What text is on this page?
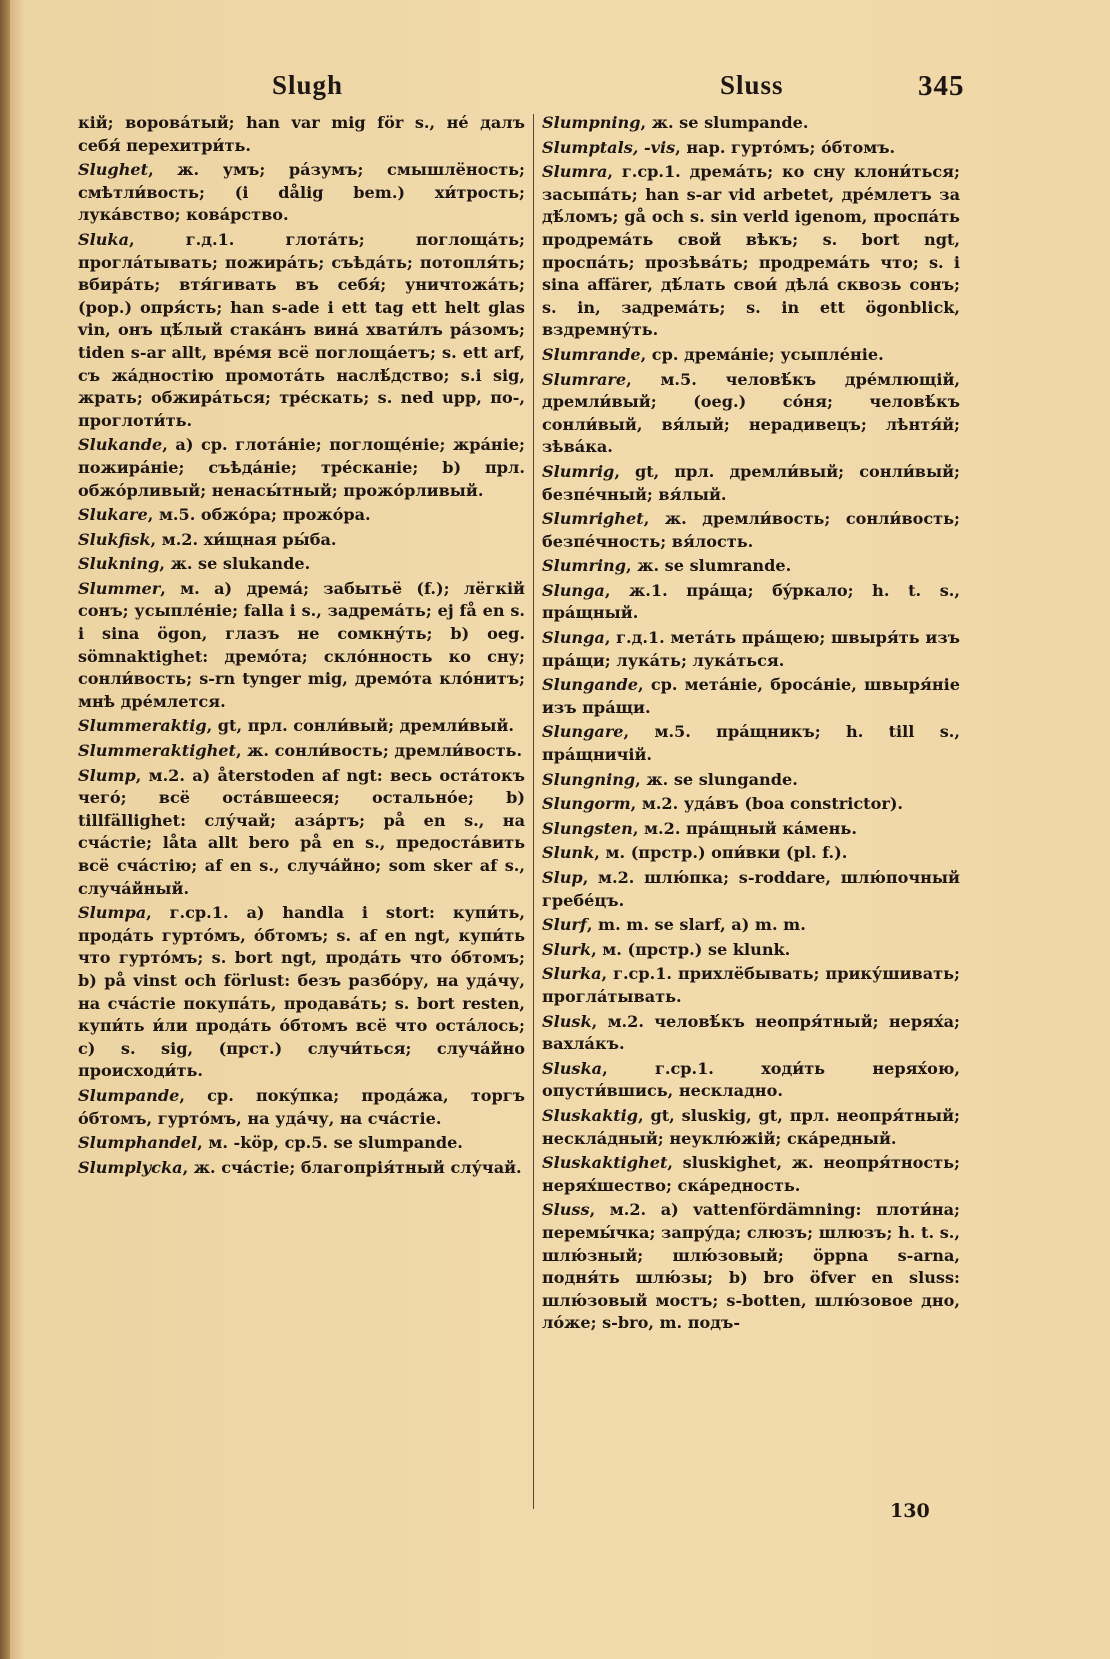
Slugh	Sluss	345
кій; воровáтый; han var mig för s., нé далъ себя́ перехитри́ть.
Slughet, ж. умъ; рáзумъ; смышлёность; смѣтли́вость; (i dålig bem.) хи́трость; лукáвство; ковáрство.
Sluka, г.д.1. глотáть; поглощáть; проглáтывать; пожирáть; съѣдáть; потопля́ть; вбирáть; втя́гивать въ себя́; уничтожáть; (pop.) опря́сть; han s-ade i ett tag ett helt glas vin, онъ цѣ́лый стакáнъ винá хвати́лъ рáзомъ; tiden s-ar allt, врéмя всё поглощáетъ; s. ett arf, съ жáдностію промотáть наслѣ́дство; s.i sig, жрать; обжирáться; трéскать; s. ned upp, по-, проглоти́ть.
Slukande, a) ср. глотáніе; поглощéніе; жрáніе; пожирáніе; съѣдáніе; трéсканіе; b) прл. обжóрливый; ненасы́тный; прожóрливый.
Slukare, м.5. обжóра; прожóра.
Slukfisk, м.2. хи́щная ры́ба.
Slukning, ж. se slukande.
Slummer, м. a) дремá; забытьё (f.); лёгкій сонъ; усыплéніе; falla i s., задремáть; ej få en s. i sina ögon, глазъ не сомкну́ть; b) oeg. sömnaktighet: дремóта; склóнность ко сну; сонли́вость; s-rn tynger mig, дремóта клóнитъ; мнѣ дрéмлется.
Slummeraktig, gt, прл. сонли́вый; дремли́вый.
Slummeraktighet, ж. сонли́вость; дремли́вость.
Slump, м.2. a) återstoden af ngt: весь остáтокъ чегó; всё остáвшееся; остальнóе; b) tillfällighet: слу́чай; азáртъ; på en s., на счáстіе; låta allt bero på en s., предостáвить всё счáстію; af en s., случáйно; som sker af s., случáйный.
Slumpa, г.ср.1. a) handla i stort: купи́ть, продáть гуртóмъ, óбтомъ; s. af en ngt, купи́ть что гуртóмъ; s. bort ngt, продáть что óбтомъ; b) på vinst och förlust: безъ разбóру, на удáчу, на счáстіе покупáть, продавáть; s. bort resten, купи́ть и́ли продáть óбтомъ всё что остáлось; c) s. sig, (прст.) случи́ться; случáйно происходи́ть.
Slumpande, ср. покýпка; продáжа, торгъ óбтомъ, гуртóмъ, на удáчу, на счáстіе.
Slumphandel, м. -köp, ср.5. se slumpande.
Slumplycka, ж. счáстіе; благопрія́тный слу́чай.
Slumpning, ж. se slumpande.
Slumptals, -vis, нар. гуртóмъ; óбтомъ.
Slumra, г.ср.1. дремáть; ко сну клони́ться; засыпáть; han s-ar vid arbetet, дрéмлетъ за дѣ́ломъ; gå och s. sin verld igenom, проспáть продремáть свой вѣкъ; s. bort ngt, проспáть; прозѣвáть; продремáть что; s. i sina affärer, дѣ́лать свои́ дѣлá сквозь сонъ; s. in, задремáть; s. in ett ögonblick, вздремну́ть.
Slumrande, ср. дремáніе; усыплéніе.
Slumrare, м.5. человѣ́къ дрéмлющій, дремли́вый; (oeg.) сóня; человѣ́къ сонли́вый, вя́лый; нерадивецъ; лѣнтя́й; зѣвáка.
Slumrig, gt, прл. дремли́вый; сонли́вый; безпéчный; вя́лый.
Slumrighet, ж. дремли́вость; сонли́вость; безпéчность; вя́лость.
Slumring, ж. se slumrande.
Slunga, ж.1. прáща; бýркало; h. t. s., прáщный.
Slunga, г.д.1. метáть прáщею; швыря́ть изъ прáщи; лукáть; лукáться.
Slungande, ср. метáніе, бросáніе, швыря́ніе изъ прáщи.
Slungare, м.5. прáщникъ; h. till s., прáщничій.
Slungning, ж. se slungande.
Slungorm, м.2. удáвъ (boa constrictor).
Slungsten, м.2. прáщный кáмень.
Slunk, м. (прстр.) опи́вки (pl. f.).
Slup, м.2. шлю́пка; s-roddare, шлю́почный гребéцъ.
Slurf, m. m. se slarf, a) m. m.
Slurk, м. (прстр.) se klunk.
Slurka, г.ср.1. прихлёбывать; прику́шивать; проглáтывать.
Slusk, м.2. человѣ́къ неопря́тный; нерях́а; вахлáкъ.
Sluska, г.ср.1. ходи́ть нерях́ою, опусти́вшись, нескладно.
Sluskaktig, gt, sluskig, gt, прл. неопря́тный; несклáдный; неуклю́жій; скáредный.
Sluskaktighet, sluskighet, ж. неопря́тность; нерях́шество; скáредность.
Sluss, м.2. a) vattenfördämning: плоти́на; перемы́чка; запрýда; слюзъ; шлюзъ; h. t. s., шлю́зный; шлю́зовый; öppna s-arna, подня́ть шлю́зы; b) bro öfver en sluss: шлю́зовый мостъ; s-botten, шлю́зовое дно, лóже; s-bro, m. подъ-
130
